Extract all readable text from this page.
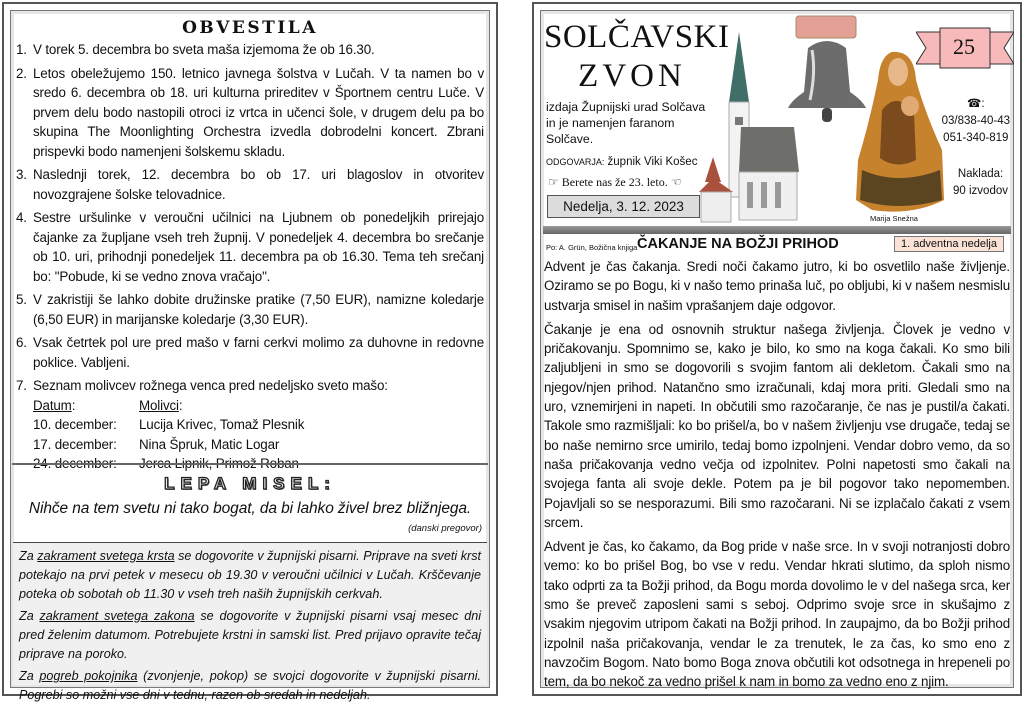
OBVESTILA
1. V torek 5. decembra bo sveta maša izjemoma že ob 16.30.
2. Letos obeležujemo 150. letnico javnega šolstva v Lučah. V ta namen bo v sredo 6. decembra ob 18. uri kulturna prireditev v Športnem centru Luče. V prvem delu bodo nastopili otroci iz vrtca in učenci šole, v drugem delu pa bo skupina The Moonlighting Orchestra izvedla dobrodelni koncert. Zbrani prispevki bodo namenjeni šolskemu skladu.
3. Naslednji torek, 12. decembra bo ob 17. uri blagoslov in otvoritev novozgrajene šolske telovadnice.
4. Sestre uršulinke v veroučni učilnici na Ljubnem ob ponedeljkih prirejajo čajanke za župljane vseh treh župnij. V ponedeljek 4. decembra bo srečanje ob 10. uri, prihodnji ponedeljek 11. decembra pa ob 16.30. Tema teh srečanj bo: "Pobude, ki se vedno znova vračajo".
5. V zakristiji še lahko dobite družinske pratike (7,50 EUR), namizne koledarje (6,50 EUR) in marijanske koledarje (3,30 EUR).
6. Vsak četrtek pol ure pred mašo v farni cerkvi molimo za duhovne in redovne poklice. Vabljeni.
7. Seznam molivcev rožnega venca pred nedeljsko sveto mašo:
Datum:	Molivci:
10. december:	Lucija Krivec, Tomaž Plesnik
17. december:	Nina Špruk, Matic Logar
24. december:	Jerca Lipnik, Primož Roban
LEPA MISEL:
Nihče na tem svetu ni tako bogat, da bi lahko živel brez bližnjega.
(danski pregovor)

Za zakrament svetega krsta se dogovorite v župnijski pisarni. Priprave na sveti krst potekajo na prvi petek v mesecu ob 19.30 v veroučni učilnici v Lučah. Krščevanje poteka ob sobotah ob 11.30 v vseh treh naših župnijskih cerkvah.

Za zakrament svetega zakona se dogovorite v župnijski pisarni vsaj mesec dni pred želenim datumom. Potrebujete krstni in samski list. Pred prijavo opravite tečaj priprave na poroko.

Za pogreb pokojnika (zvonjenje, pokop) se svojci dogovorite v župnijski pisarni. Pogrebi so možni vse dni v tednu, razen ob sredah in nedeljah.

SOLČAVSKI
ZVON
izdaja Župnijski urad Solčava in je namenjen faranom Solčave.
ODGOVARJA: župnik Viki Košec
☞ Berete nas že 23. leto. ☜
Nedelja, 3. 12. 2023
Marija Snežna
25
☎:
03/838-40-43
051-340-819
Naklada:
90 izvodov
Po: A. Grün, Božična knjiga ČAKANJE NA BOŽJI PRIHOD	1. adventna nedelja

Advent je čas čakanja. Sredi noči čakamo jutro, ki bo osvetlilo naše življenje. Oziramo se po Bogu, ki v našo temo prinaša luč, po obljubi, ki v našem nesmislu ustvarja smisel in našim vprašanjem daje odgovor.

Čakanje je ena od osnovnih struktur našega življenja. Človek je vedno v pričakovanju. Spomnimo se, kako je bilo, ko smo na koga čakali. Ko smo bili zaljubljeni in smo se dogovorili s svojim fantom ali dekletom. Čakali smo na njegov/njen prihod. Natančno smo izračunali, kdaj mora priti. Gledali smo na uro, vznemirjeni in napeti. In občutili smo razočaranje, če nas je pustil/a čakati. Takole smo razmišljali: ko bo prišel/a, bo v našem življenju vse drugače, tedaj se bo naše nemirno srce umirilo, tedaj bomo izpolnjeni. Vendar dobro vemo, da so naša pričakovanja vedno večja od izpolnitev. Polni napetosti smo čakali na svojega fanta ali svoje dekle. Potem pa je bil pogovor tako nepomemben. Pojavljali so se nesporazumi. Bili smo razočarani. Ni se izplačalo čakati z vsem srcem.

Advent je čas, ko čakamo, da Bog pride v naše srce. In v svoji notranjosti dobro vemo: ko bo prišel Bog, bo vse v redu. Vendar hkrati slutimo, da sploh nismo tako odprti za ta Božji prihod, da Bogu morda dovolimo le v del našega srca, ker smo še preveč zaposleni sami s seboj. Odprimo svoje srce in skušajmo z vsakim njegovim utripom čakati na Božji prihod. In zaupajmo, da bo Božji prihod izpolnil naša pričakovanja, vendar le za trenutek, le za čas, ko smo eno z navzočim Bogom. Nato bomo Boga znova občutili kot odsotnega in hrepeneli po tem, da bo nekoč za vedno prišel k nam in bomo za vedno eno z njim.
